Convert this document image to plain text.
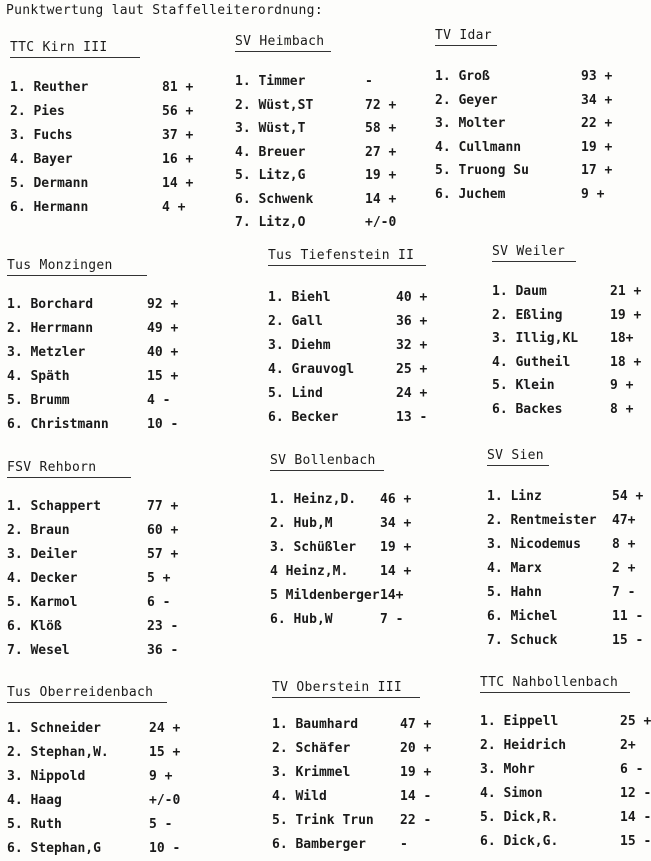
Punktwertung laut Staffelleiterordnung:
TTC Kirn III
1. Reuther	81 +
2. Pies	56 +
3. Fuchs	37 +
4. Bayer	16 +
5. Dermann	14 +
6. Hermann	4 +
SV Heimbach
1. Timmer	-
2. Wüst,ST	72 +
3. Wüst,T	58 +
4. Breuer	27 +
5. Litz,G	19 +
6. Schwenk	14 +
7. Litz,O	+/-0
TV Idar
1. Groß	93 +
2. Geyer	34 +
3. Molter	22 +
4. Cullmann	19 +
5. Truong Su	17 +
6. Juchem	9 +
Tus Monzingen
1. Borchard	92 +
2. Herrmann	49 +
3. Metzler	40 +
4. Späth	15 +
5. Brumm	4 -
6. Christmann	10 -
Tus Tiefenstein II
1. Biehl	40 +
2. Gall	36 +
3. Diehm	32 +
4. Grauvogl	25 +
5. Lind	24 +
6. Becker	13 -
SV Weiler
1. Daum	21 +
2. Eßling	19 +
3. Illig,KL 18+
4. Gutheil	18 +
5. Klein	9 +
6. Backes	8 +
FSV Rehborn
1. Schappert	77 +
2. Braun	60 +
3. Deiler	57 +
4. Decker	5 +
5. Karmol	6 -
6. Klöß	23 -
7. Wesel	36 -
SV Bollenbach
1. Heinz,D. 46 +
2. Hub,M	34 +
3. Schüßler 19 +
4 Heinz,M. 14 +
5 Mildenberger 14+
6. Hub,W	7 -
SV Sien
1. Linz	54 +
2. Rentmeister 47+
3. Nicodemus 8 +
4. Marx	2 +
5. Hahn	7 -
6. Michel	11 -
7. Schuck	15 -
Tus Oberreidenbach
1. Schneider	24 +
2. Stephan,W.	15 +
3. Nippold	9 +
4. Haag	+/-0
5. Ruth	5 -
6. Stephan,G	10 -
TV Oberstein III
1. Baumhard	47 +
2. Schäfer	20 +
3. Krimmel	19 +
4. Wild	14 -
5. Trink Trun 22 -
6. Bamberger	-
TTC Nahbollenbach
1. Eippell	25 +
2. Heidrich	2+
3. Mohr	6 -
4. Simon	12 -
5. Dick,R.	14 -
6. Dick,G.	15 -
